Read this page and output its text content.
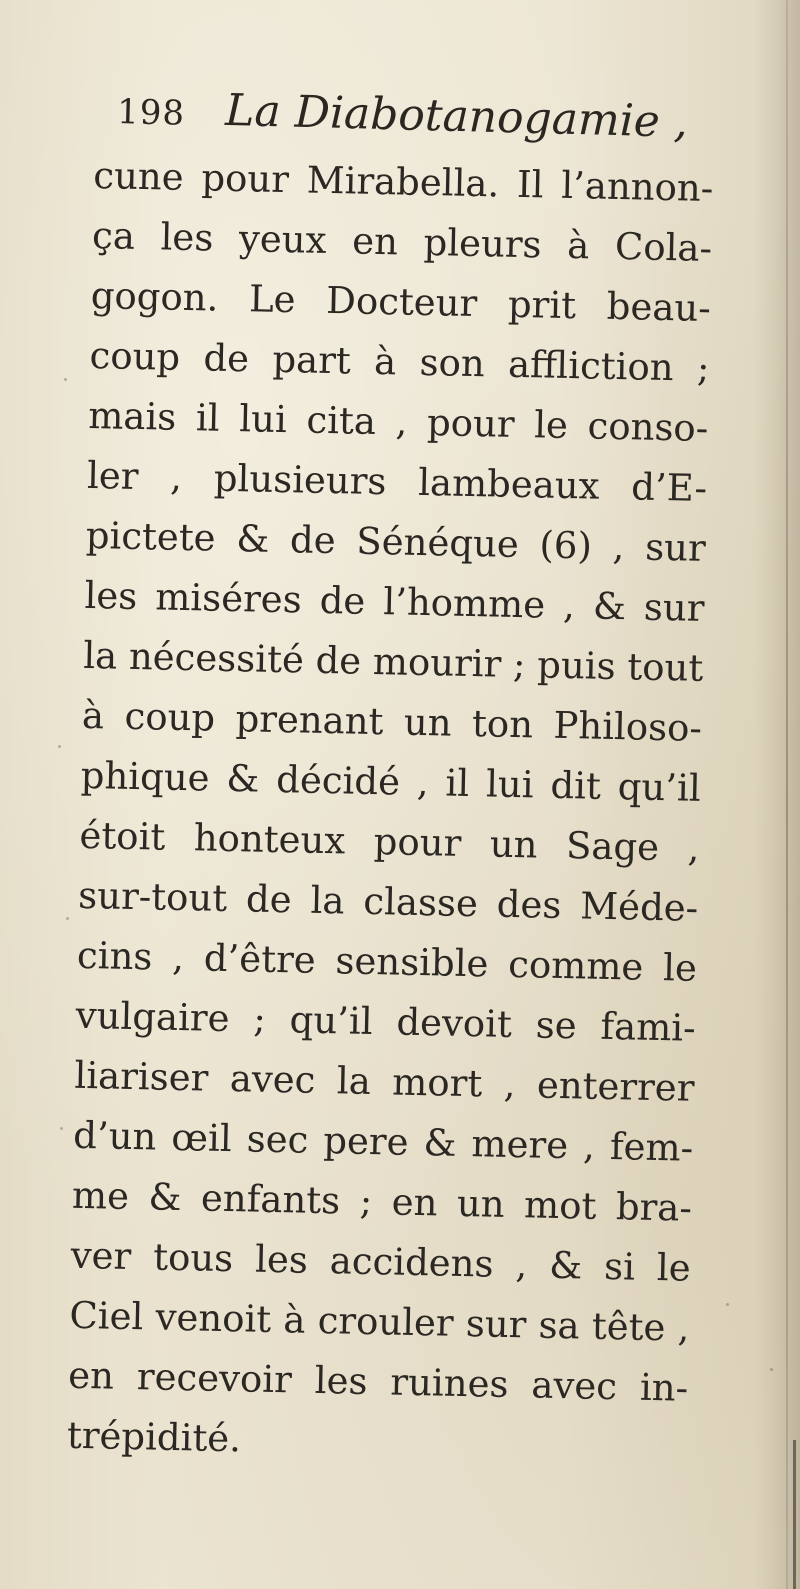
198 La Diabotanogamie ,
cune pour Mirabella. Il l’annon-
ça les yeux en pleurs à Cola-
gogon. Le Docteur prit beau-
coup de part à son affliction ;
mais il lui cita , pour le conso-
ler , plusieurs lambeaux d’E-
pictete & de Sénéque (6) , sur
les miséres de l’homme , & sur
la nécessité de mourir ; puis tout
à coup prenant un ton Philoso-
phique & décidé , il lui dit qu’il
étoit honteux pour un Sage ,
sur-tout de la classe des Méde-
cins , d’être sensible comme le
vulgaire ; qu’il devoit se fami-
liariser avec la mort , enterrer
d’un œil sec pere & mere , fem-
me & enfants ; en un mot bra-
ver tous les accidens , & si le
Ciel venoit à crouler sur sa tête ,
en recevoir les ruines avec in-
trépidité.
